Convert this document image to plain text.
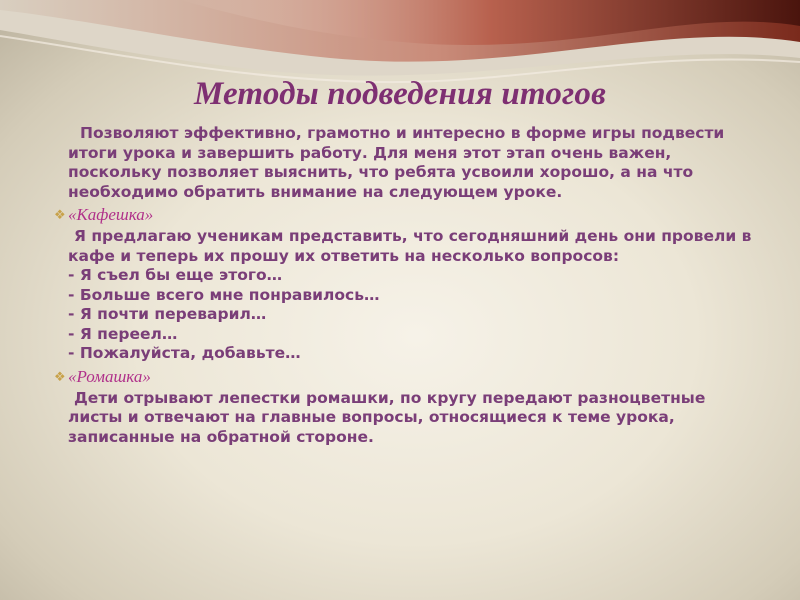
Методы подведения итогов

Позволяют эффективно, грамотно и интересно в форме игры подвести итоги урока и завершить работу. Для меня этот этап очень важен, поскольку позволяет выяснить, что ребята усвоили хорошо, а на что необходимо обратить внимание на следующем уроке.

❖ «Кафешка»

Я предлагаю ученикам представить, что сегодняшний день они провели в кафе и теперь их прошу их ответить на несколько вопросов:

- Я съел бы еще этого…
- Больше всего мне понравилось…
- Я почти переварил…
- Я переел…
- Пожалуйста, добавьте…
❖ «Ромашка»

Дети отрывают лепестки ромашки, по кругу передают разноцветные листы и отвечают на главные вопросы, относящиеся к теме урока, записанные на обратной стороне.
